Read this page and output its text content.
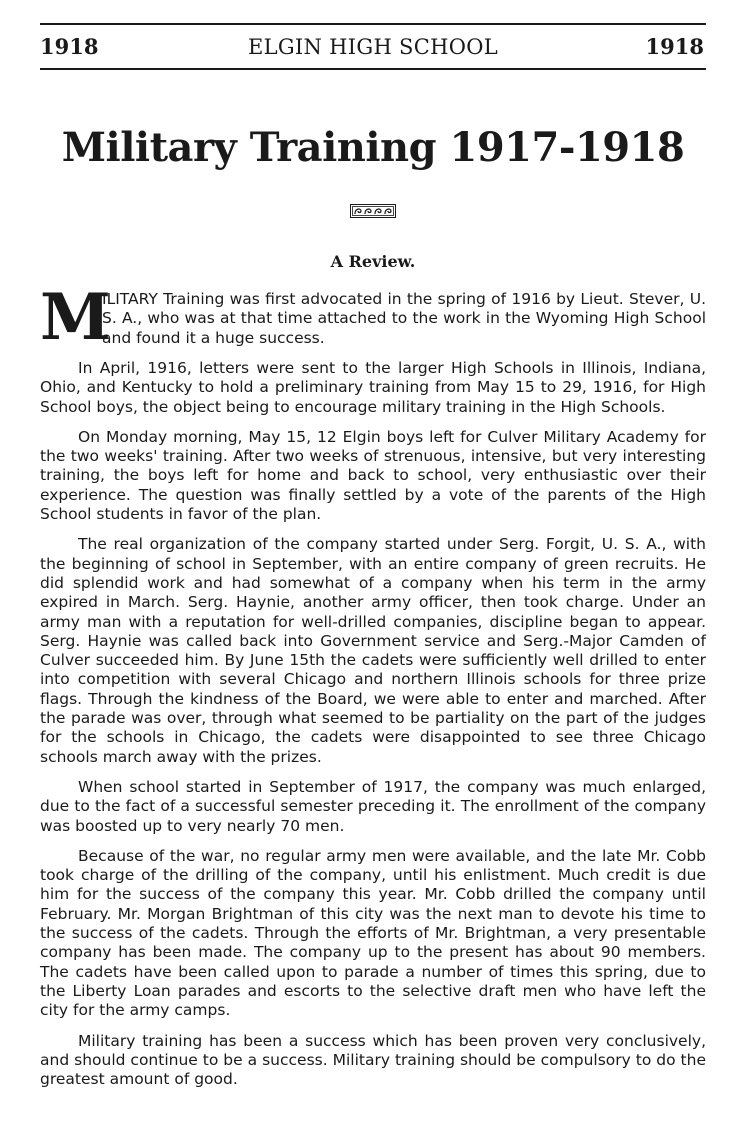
1918	ELGIN HIGH SCHOOL	1918
Military Training 1917-1918
A Review.

M
ILITARY Training was first advocated in the spring of 1916 by Lieut. Stever, U. S. A., who was at that time attached to the work in the Wyoming High School and found it a huge success.

In April, 1916, letters were sent to the larger High Schools in Illinois, Indiana, Ohio, and Kentucky to hold a preliminary training from May 15 to 29, 1916, for High School boys, the object being to encourage military training in the High Schools.

On Monday morning, May 15, 12 Elgin boys left for Culver Military Academy for the two weeks' training. After two weeks of strenuous, intensive, but very interesting training, the boys left for home and back to school, very enthusiastic over their experience. The question was finally settled by a vote of the parents of the High School students in favor of the plan.

The real organization of the company started under Serg. Forgit, U. S. A., with the beginning of school in September, with an entire company of green recruits. He did splendid work and had somewhat of a company when his term in the army expired in March. Serg. Haynie, another army officer, then took charge. Under an army man with a reputation for well-drilled companies, discipline began to appear. Serg. Haynie was called back into Government service and Serg.-Major Camden of Culver succeeded him. By June 15th the cadets were sufficiently well drilled to enter into competition with several Chicago and northern Illinois schools for three prize flags. Through the kindness of the Board, we were able to enter and marched. After the parade was over, through what seemed to be partiality on the part of the judges for the schools in Chicago, the cadets were disappointed to see three Chicago schools march away with the prizes.

When school started in September of 1917, the company was much enlarged, due to the fact of a successful semester preceding it. The enrollment of the company was boosted up to very nearly 70 men.

Because of the war, no regular army men were available, and the late Mr. Cobb took charge of the drilling of the company, until his enlistment. Much credit is due him for the success of the company this year. Mr. Cobb drilled the company until February. Mr. Morgan Brightman of this city was the next man to devote his time to the success of the cadets. Through the efforts of Mr. Brightman, a very presentable company has been made. The company up to the present has about 90 members. The cadets have been called upon to parade a number of times this spring, due to the Liberty Loan parades and escorts to the selective draft men who have left the city for the army camps.

Military training has been a success which has been proven very conclusively, and should continue to be a success. Military training should be compulsory to do the greatest amount of good.
